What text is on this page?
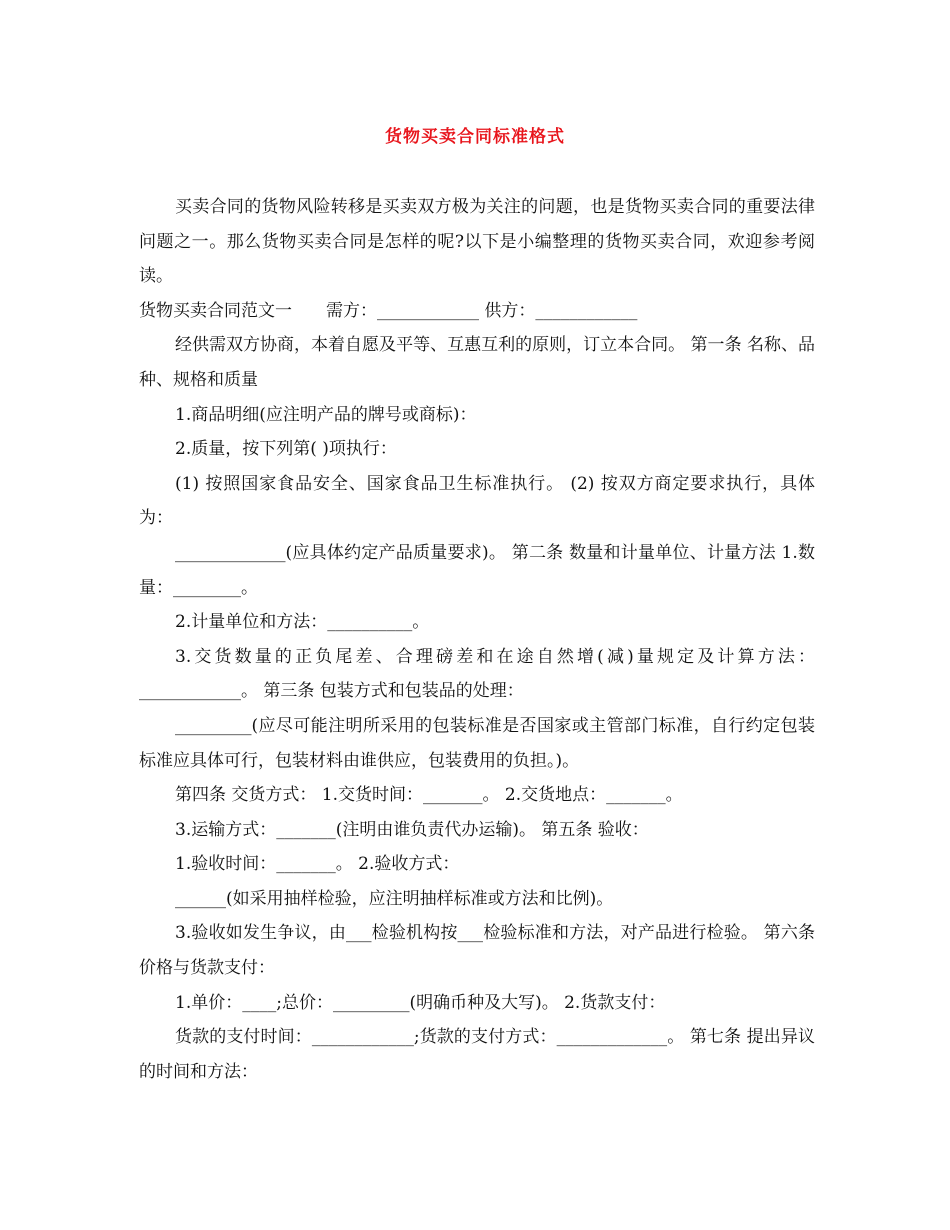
货物买卖合同标准格式

买卖合同的货物风险转移是买卖双方极为关注的问题，也是货物买卖合同的重要法律问题之一。那么货物买卖合同是怎样的呢?以下是小编整理的货物买卖合同，欢迎参考阅读。

货物买卖合同范文一 需方：____________ 供方：____________

经供需双方协商，本着自愿及平等、互惠互利的原则，订立本合同。 第一条 名称、品种、规格和质量

1.商品明细(应注明产品的牌号或商标)：

2.质量，按下列第( )项执行：

(1) 按照国家食品安全、国家食品卫生标准执行。 (2) 按双方商定要求执行，具体为：

_____________(应具体约定产品质量要求)。 第二条 数量和计量单位、计量方法 1.数量：________。

2.计量单位和方法：__________。

3.交货数量的正负尾差、合理磅差和在途自然增(减)量规定及计算方法：____________。 第三条 包装方式和包装品的处理：

_________(应尽可能注明所采用的包装标准是否国家或主管部门标准，自行约定包装标准应具体可行，包装材料由谁供应，包装费用的负担。)。

第四条 交货方式： 1.交货时间：_______。 2.交货地点：_______。

3.运输方式：_______(注明由谁负责代办运输)。 第五条 验收：

1.验收时间：_______。 2.验收方式：

______(如采用抽样检验，应注明抽样标准或方法和比例)。

3.验收如发生争议，由___检验机构按___检验标准和方法，对产品进行检验。 第六条 价格与货款支付：

1.单价：____;总价：_________(明确币种及大写)。 2.货款支付：

货款的支付时间：____________;货款的支付方式：_____________。 第七条 提出异议的时间和方法：
